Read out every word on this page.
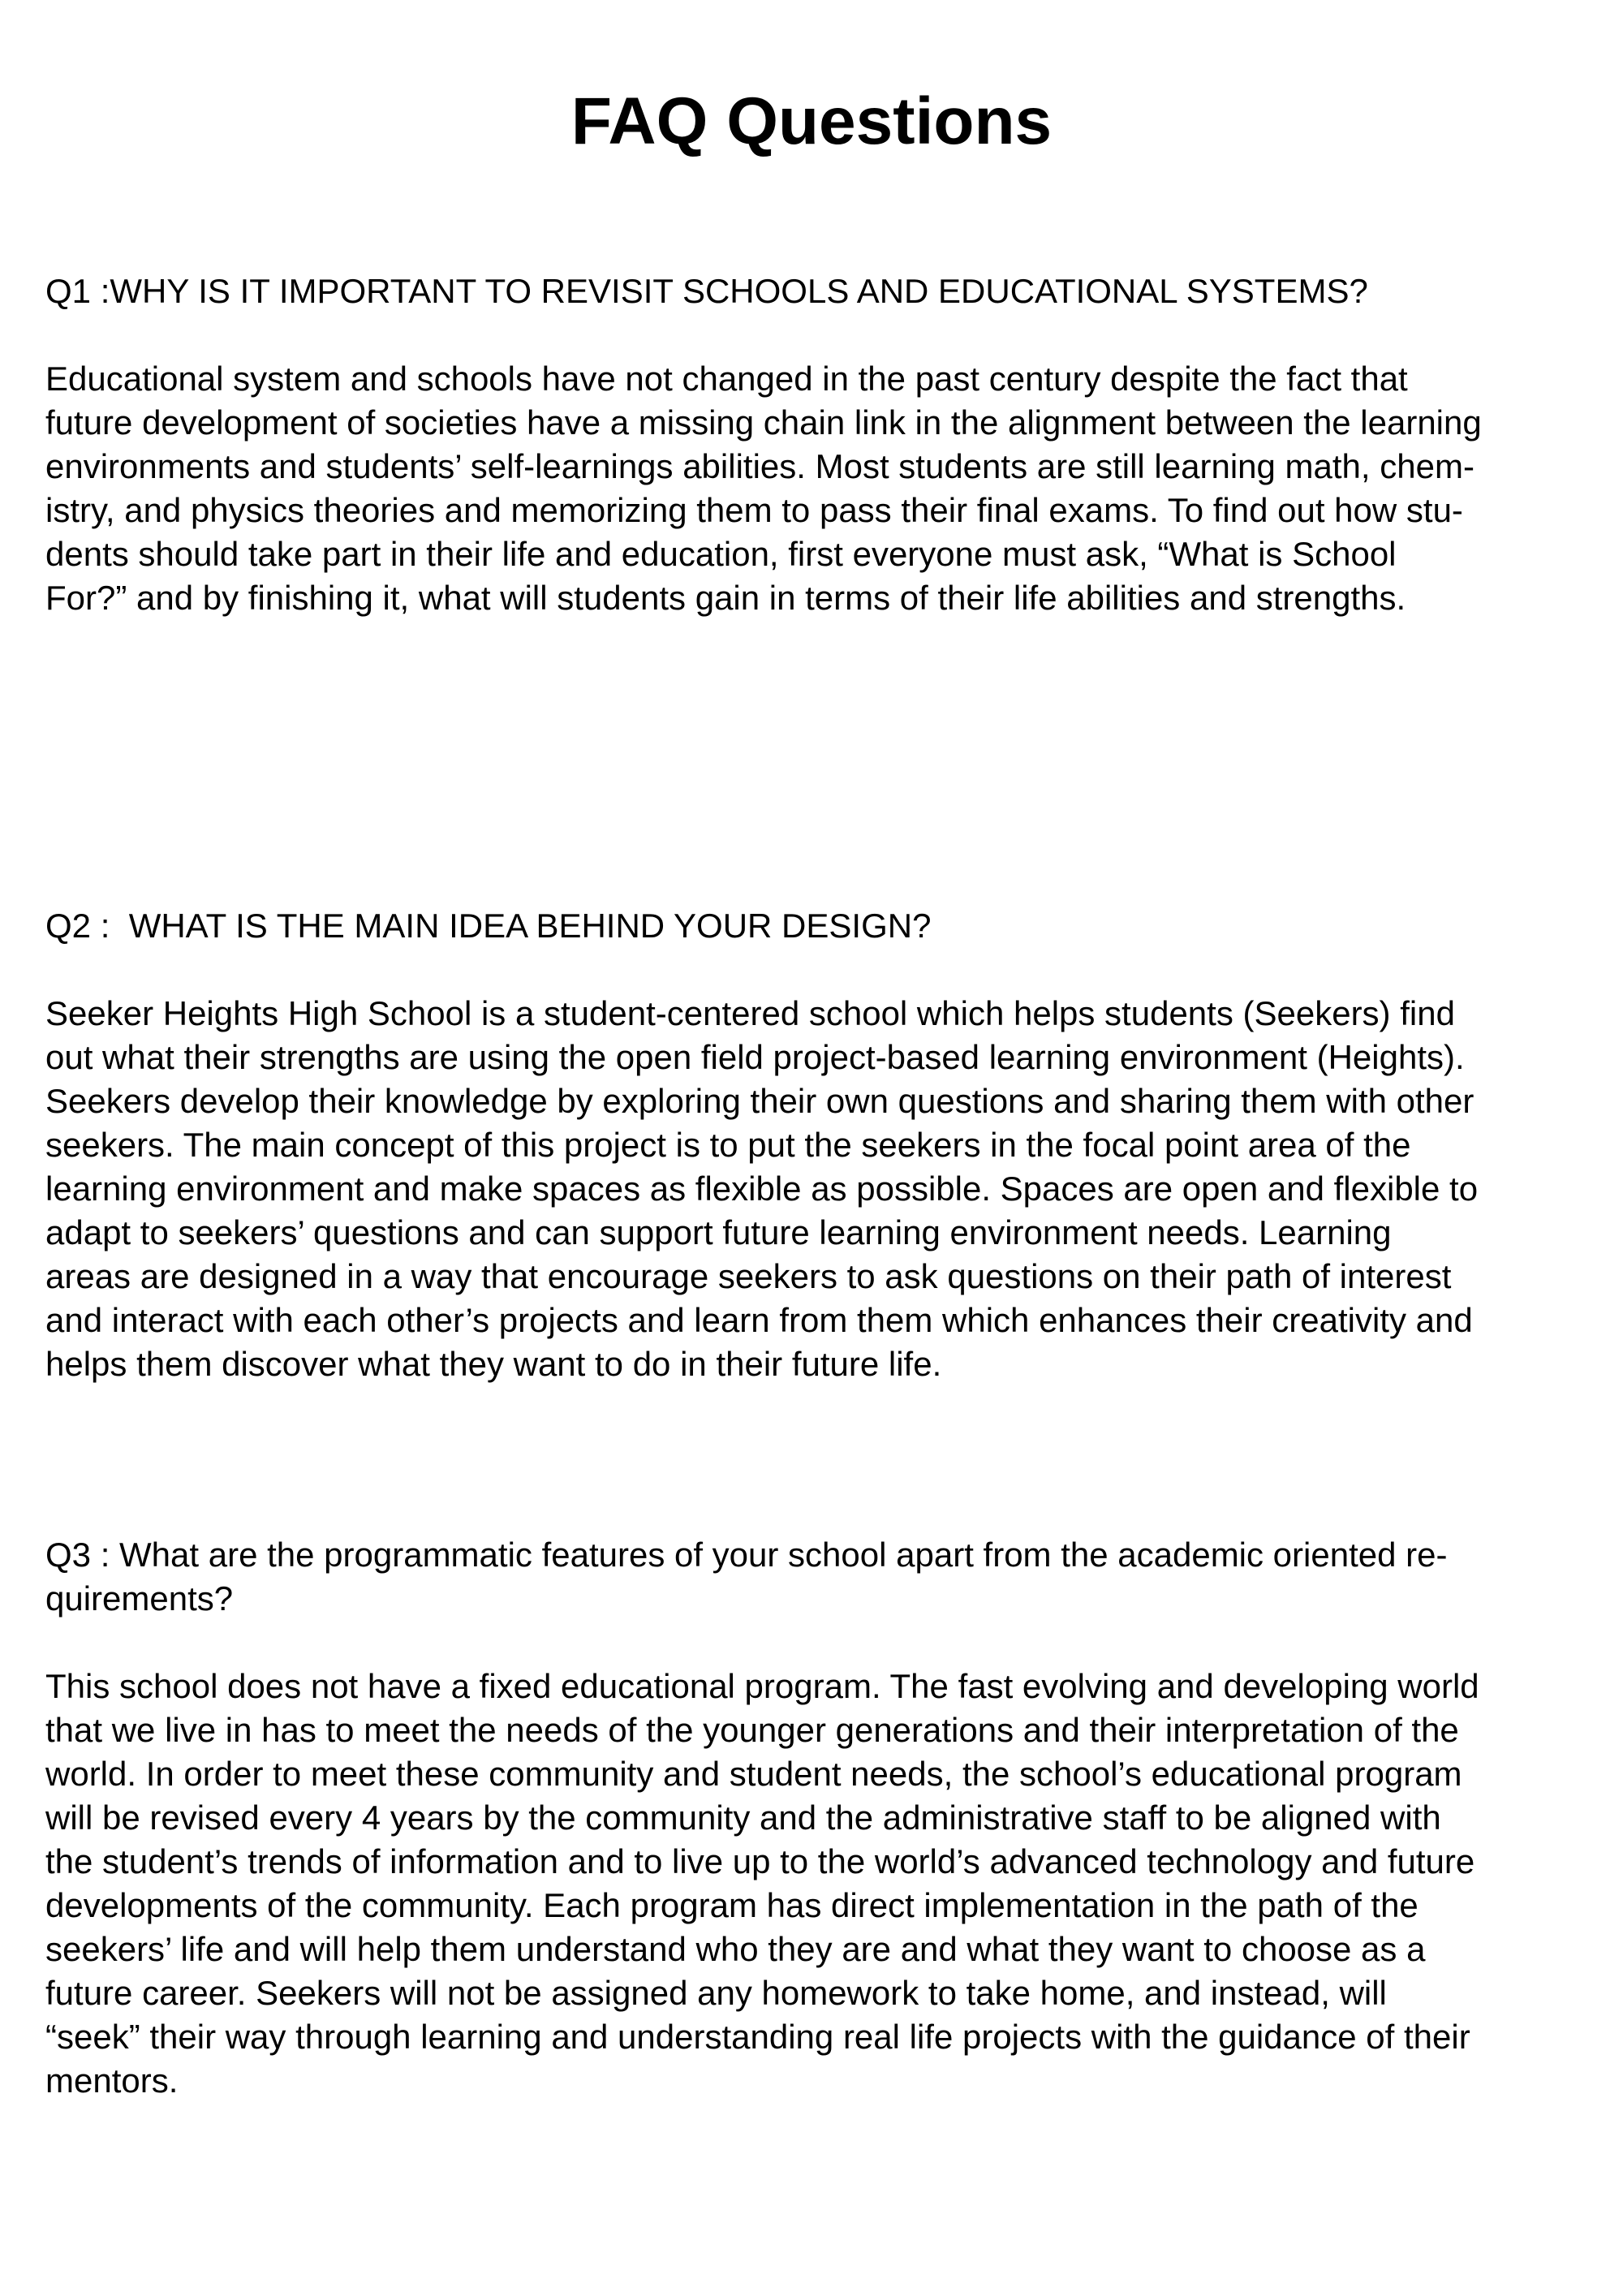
FAQ Questions

Q1 :WHY IS IT IMPORTANT TO REVISIT SCHOOLS AND EDUCATIONAL SYSTEMS?

Educational system and schools have not changed in the past century despite the fact that
future development of societies have a missing chain link in the alignment between the learning
environments and students’ self-learnings abilities. Most students are still learning math, chem-
istry, and physics theories and memorizing them to pass their final exams. To find out how stu-
dents should take part in their life and education, first everyone must ask, “What is School
For?” and by finishing it, what will students gain in terms of their life abilities and strengths.

Q2 :  WHAT IS THE MAIN IDEA BEHIND YOUR DESIGN?

Seeker Heights High School is a student-centered school which helps students (Seekers) find
out what their strengths are using the open field project-based learning environment (Heights).
Seekers develop their knowledge by exploring their own questions and sharing them with other
seekers. The main concept of this project is to put the seekers in the focal point area of the
learning environment and make spaces as flexible as possible. Spaces are open and flexible to
adapt to seekers’ questions and can support future learning environment needs. Learning
areas are designed in a way that encourage seekers to ask questions on their path of interest
and interact with each other’s projects and learn from them which enhances their creativity and
helps them discover what they want to do in their future life.

Q3 : What are the programmatic features of your school apart from the academic oriented re-
quirements?

This school does not have a fixed educational program. The fast evolving and developing world
that we live in has to meet the needs of the younger generations and their interpretation of the
world. In order to meet these community and student needs, the school’s educational program
will be revised every 4 years by the community and the administrative staff to be aligned with
the student’s trends of information and to live up to the world’s advanced technology and future
developments of the community. Each program has direct implementation in the path of the
seekers’ life and will help them understand who they are and what they want to choose as a
future career. Seekers will not be assigned any homework to take home, and instead, will
“seek” their way through learning and understanding real life projects with the guidance of their
mentors.
